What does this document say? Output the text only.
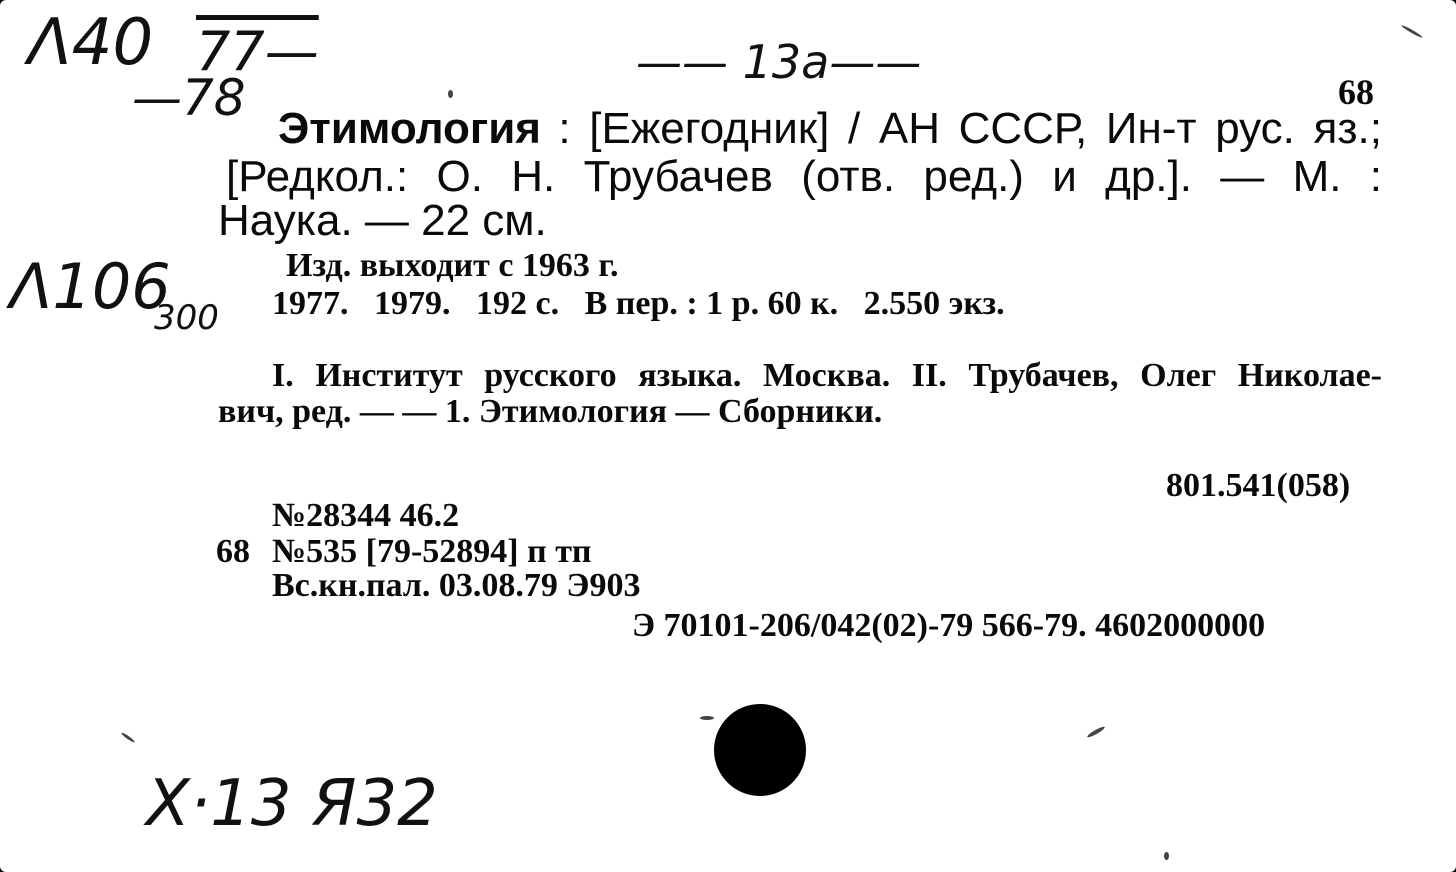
Λ40 77—
—78
—— 13a——
Λ106
300
X·13 Я32
68
Этимология : [Ежегодник] / АН СССР, Ин-т рус. яз.;
[Редкол.: О. Н. Трубачев (отв. ред.) и др.]. — М. :
Наука. — 22 см.
Изд. выходит с 1963 г.
1977.   1979.   192 с.   В пер. : 1 р. 60 к.   2.550 экз.
I. Институт русского языка. Москва. II. Трубачев, Олег Николае-
вич, ред. — — 1. Этимология — Сборники.
801.541(058)
№28344 46.2
68 №535 [79-52894] п тп
Вс.кн.пал. 03.08.79 Э903
Э 70101-206/042(02)-79 566-79. 4602000000
